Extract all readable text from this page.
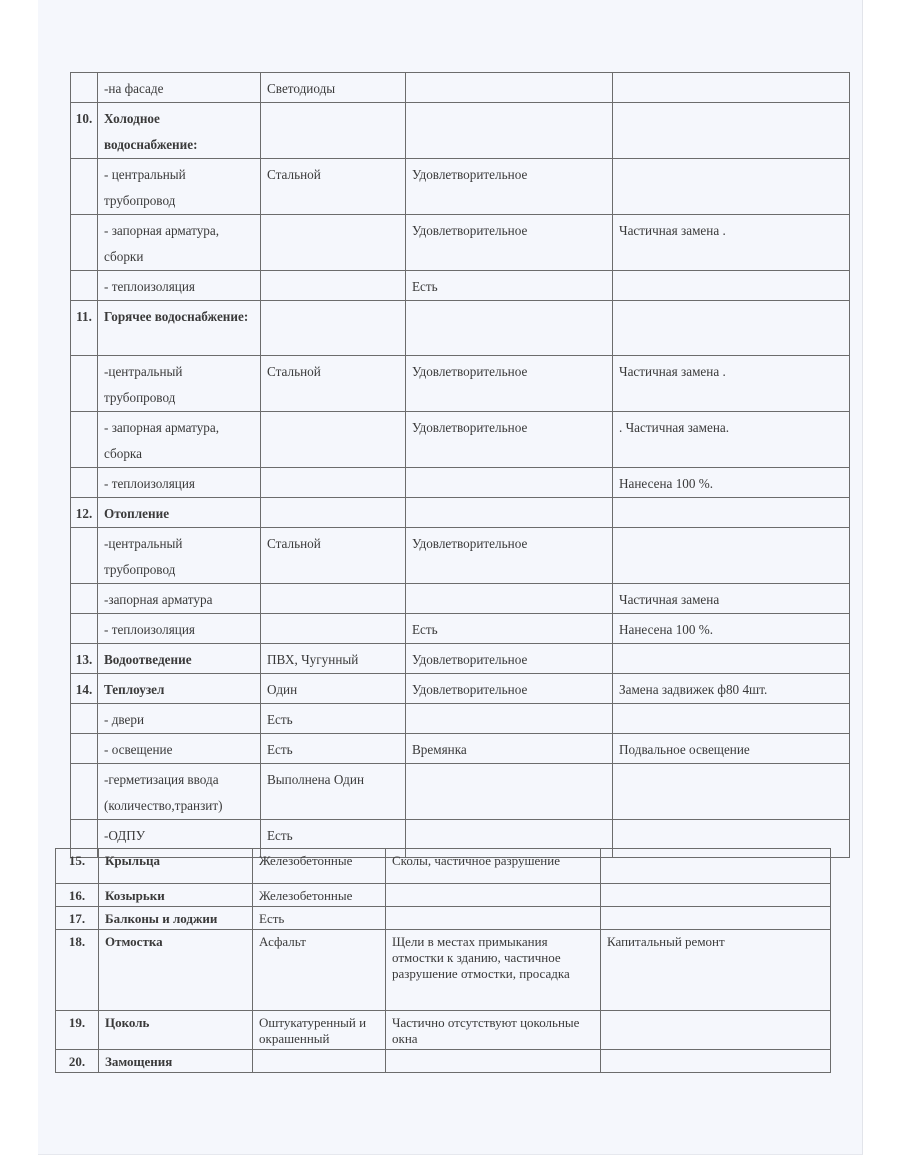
	-на фасаде	Светодиоды		
10.	Холодное водоснабжение:			
	- центральный трубопровод	Стальной	Удовлетворительное	
	- запорная арматура, сборки		Удовлетворительное	Частичная замена .
	- теплоизоляция		Есть	
11.	Горячее водоснабжение:			
	-центральный трубопровод	Стальной	Удовлетворительное	Частичная замена .
	- запорная арматура, сборка		Удовлетворительное	. Частичная замена.
	- теплоизоляция			Нанесена 100 %.
12.	Отопление			
	-центральный трубопровод	Стальной	Удовлетворительное	
	-запорная арматура			Частичная замена
	- теплоизоляция		Есть	Нанесена 100 %.
13.	Водоотведение	ПВХ, Чугунный	Удовлетворительное	
14.	Теплоузел	Один	Удовлетворительное	Замена задвижек ф80 4шт.
	- двери	Есть		
	- освещение	Есть	Времянка	Подвальное освещение
	-герметизация ввода (количество,транзит)	Выполнена Один		
	-ОДПУ	Есть		
15.	Крыльца	Железобетонные	Сколы, частичное разрушение	
16.	Козырьки	Железобетонные		
17.	Балконы и лоджии	Есть		
18.	Отмостка	Асфальт	Щели в местах примыкания отмостки к зданию, частичное разрушение отмостки, просадка	Капитальный ремонт
19.	Цоколь	Оштукатуренный и окрашенный	Частично отсутствуют цокольные окна	
20.	Замощения			
